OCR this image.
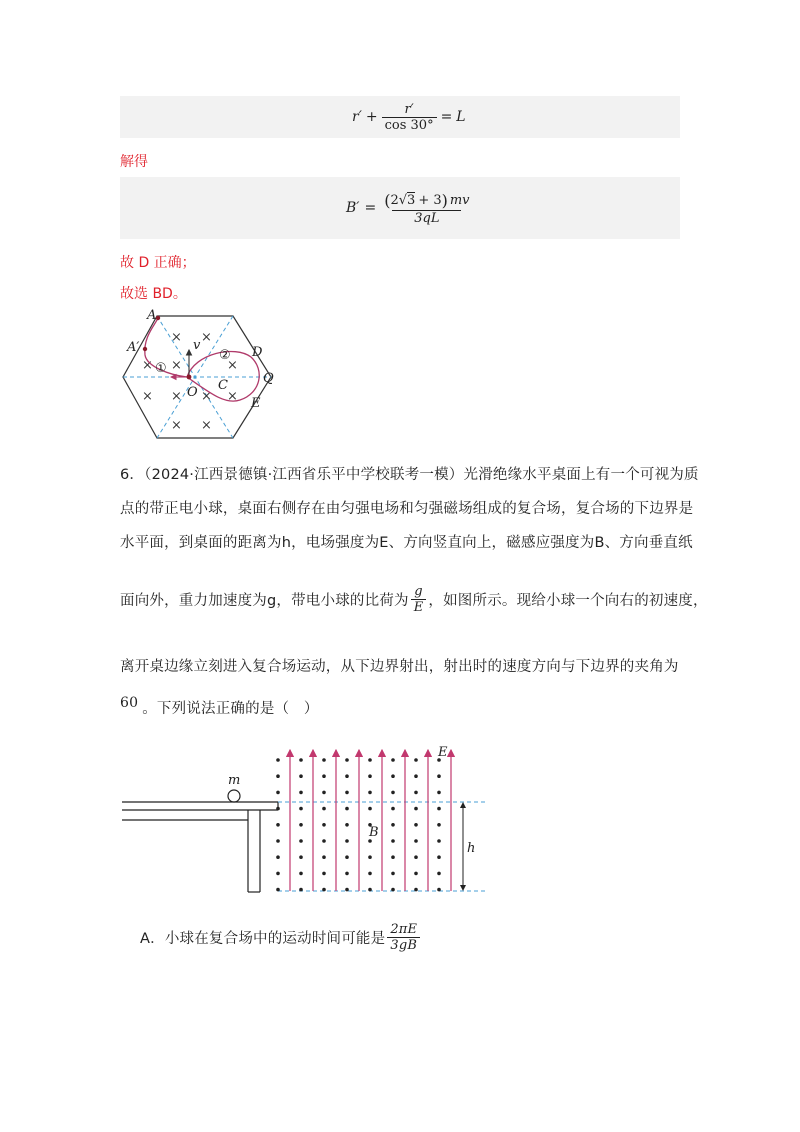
$r' + \frac{r'}{\cos 30^\circ} = L$
解得
B′ = ( 2 √ 3 + 3 ) mv
3qL
故 D 正确；
故选 BD。
× ×
× ×	×
× × ×
×
× ×
A
A′	D
Q
C
O
E
v
①
②
6．（2024·江西景德镇·江西省乐平中学校联考一模）光滑绝缘水平桌面上有一个可视为质
点的带正电小球，桌面右侧存在由匀强电场和匀强磁场组成的复合场，复合场的下边界是
水平面，到桌面的距离为h，电场强度为E、方向竖直向上，磁感应强度为B、方向垂直纸
面向外，重力加速度为g，带电小球的比荷为 $\frac{g}{E}$ ，如图所示。现给小球一个向右的初速度，
离开桌边缘立刻进入复合场运动，从下边界射出，射出时的速度方向与下边界的夹角为
60 。下列说法正确的是（　）
m
E
B
h
A．小球在复合场中的运动时间可能是 $\frac{2\pi E}{3gB}$
